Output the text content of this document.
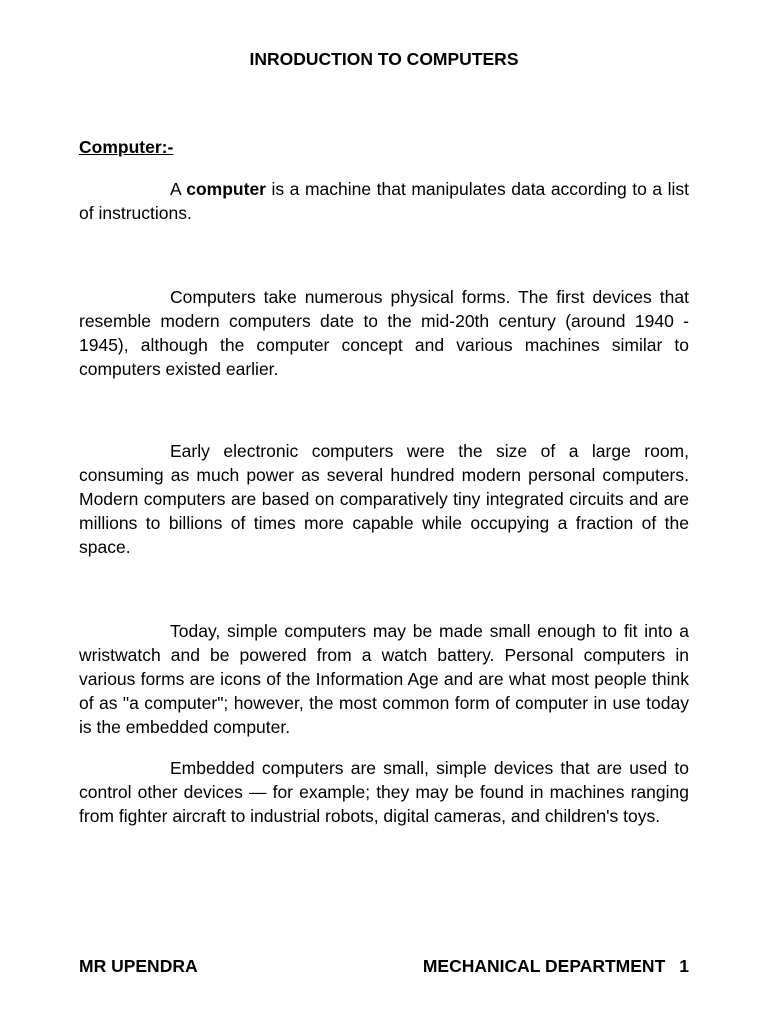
INRODUCTION TO COMPUTERS
Computer:-

A computer is a machine that manipulates data according to a list of instructions.

Computers take numerous physical forms. The first devices that resemble modern computers date to the mid-20th century (around 1940 - 1945), although the computer concept and various machines similar to computers existed earlier.

Early electronic computers were the size of a large room, consuming as much power as several hundred modern personal computers. Modern computers are based on comparatively tiny integrated circuits and are millions to billions of times more capable while occupying a fraction of the space.

Today, simple computers may be made small enough to fit into a wristwatch and be powered from a watch battery. Personal computers in various forms are icons of the Information Age and are what most people think of as "a computer"; however, the most common form of computer in use today is the embedded computer.

Embedded computers are small, simple devices that are used to control other devices — for example; they may be found in machines ranging from fighter aircraft to industrial robots, digital cameras, and children's toys.

MR UPENDRA	MECHANICAL DEPARTMENT 1
